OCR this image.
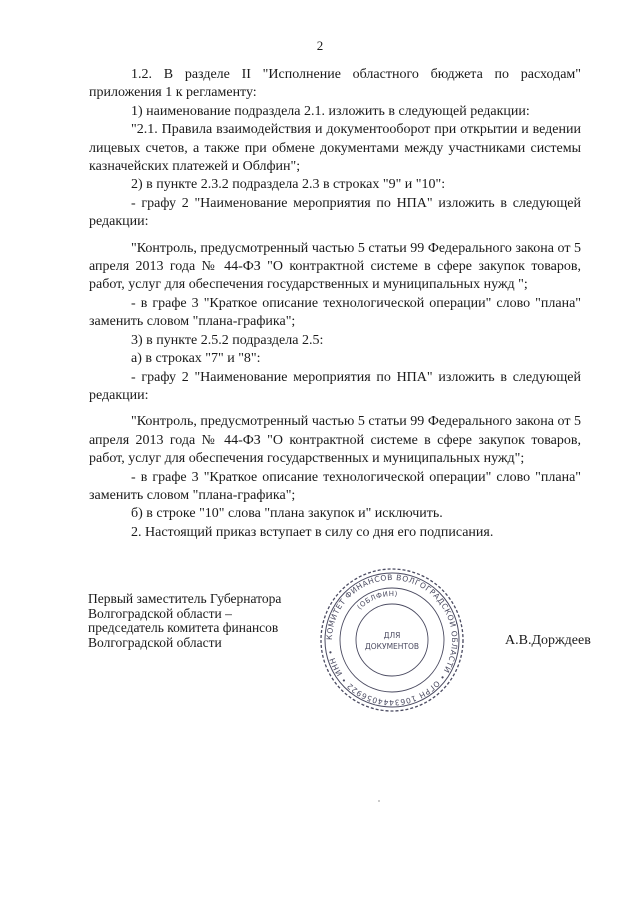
2

1.2. В разделе II "Исполнение областного бюджета по расходам" приложения 1 к регламенту:

1) наименование подраздела 2.1. изложить в следующей редакции:

"2.1. Правила взаимодействия и документооборот при открытии и ведении лицевых счетов, а также при обмене документами между участниками системы казначейских платежей и Облфин";

2) в пункте 2.3.2 подраздела 2.3 в строках "9" и "10":

- графу 2 "Наименование мероприятия по НПА" изложить в следующей редакции:

"Контроль, предусмотренный частью 5 статьи 99 Федерального закона от 5 апреля 2013 года № 44-ФЗ "О контрактной системе в сфере закупок товаров, работ, услуг для обеспечения государственных и муниципальных нужд ";

- в графе 3 "Краткое описание технологической операции" слово "плана" заменить словом "плана-графика";

3) в пункте 2.5.2 подраздела 2.5:

а) в строках "7" и "8":

- графу 2 "Наименование мероприятия по НПА" изложить в следующей редакции:

"Контроль, предусмотренный частью 5 статьи 99 Федерального закона от 5 апреля 2013 года № 44-ФЗ "О контрактной системе в сфере закупок товаров, работ, услуг для обеспечения государственных и муниципальных нужд";

- в графе 3 "Краткое описание технологической операции" слово "плана" заменить словом "плана-графика";

б) в строке "10" слова "плана закупок и" исключить.

2. Настоящий приказ вступает в силу со дня его подписания.

Первый заместитель Губернатора
Волгоградской области –
председатель комитета финансов
Волгоградской области	КОМИТЕТ ФИНАНСОВ ВОЛГОГРАДСКОЙ ОБЛАСТИ • ОГРН 1063444056922 • ИНН •
(ОБЛФИН)
ДЛЯ
ДОКУМЕНТОВ	А.В.Дорждеев
